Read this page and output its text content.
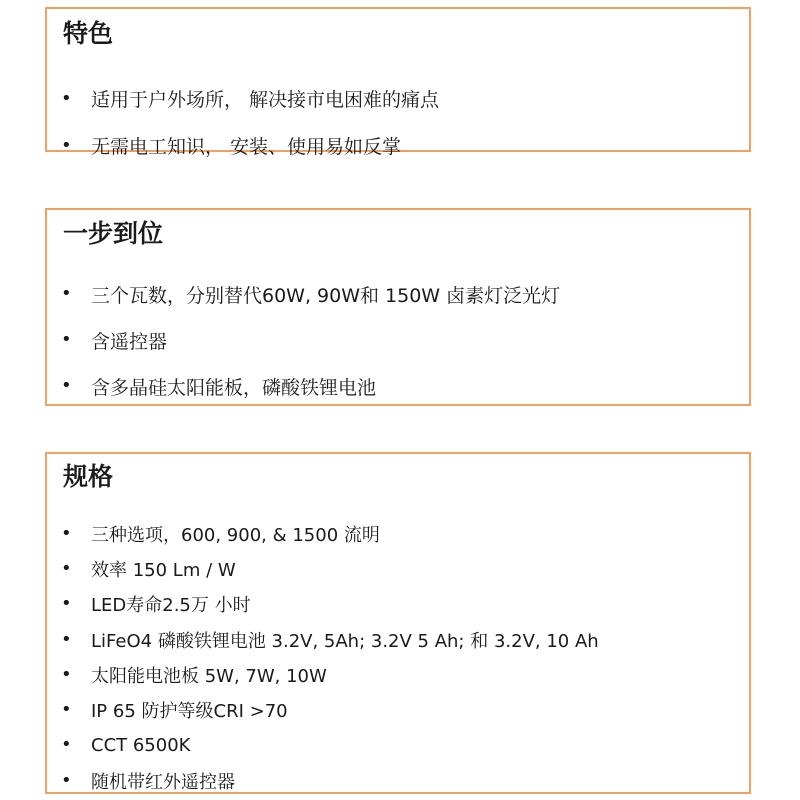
特色
•	适用于户外场所， 解决接市电困难的痛点
•	无需电工知识， 安装、使用易如反掌
一步到位
•	三个瓦数，分别替代60W, 90W和 150W 卤素灯泛光灯
•	含遥控器
•	含多晶硅太阳能板，磷酸铁锂电池
规格
•	三种选项，600, 900, & 1500 流明
•	效率 150 Lm / W
•	LED寿命2.5万 小时
•	LiFeO4 磷酸铁锂电池 3.2V, 5Ah; 3.2V 5 Ah; 和 3.2V, 10 Ah
•	太阳能电池板 5W, 7W, 10W
•	IP 65 防护等级CRI >70
•	CCT 6500K
•	随机带红外遥控器
